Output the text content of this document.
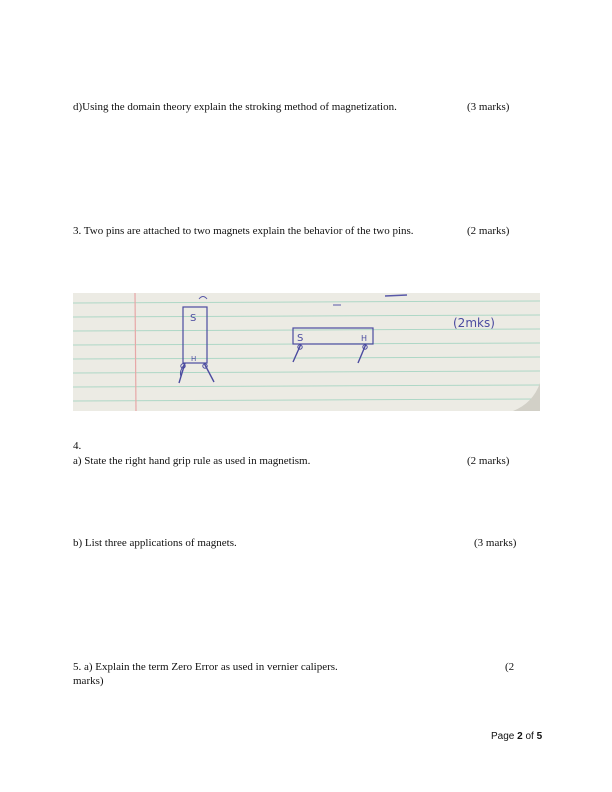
d)Using the domain theory explain the stroking method of magnetization.	(3 marks)
3. Two pins are attached to two magnets explain the behavior of the two pins.	(2 marks)
S
H
S	H
(2mks)
4.
a) State the right hand grip rule as used in magnetism.	(2 marks)
b) List three applications of magnets.	(3 marks)
5. a) Explain the term Zero Error as used in vernier calipers.	(2
marks)
Page 2 of 5
